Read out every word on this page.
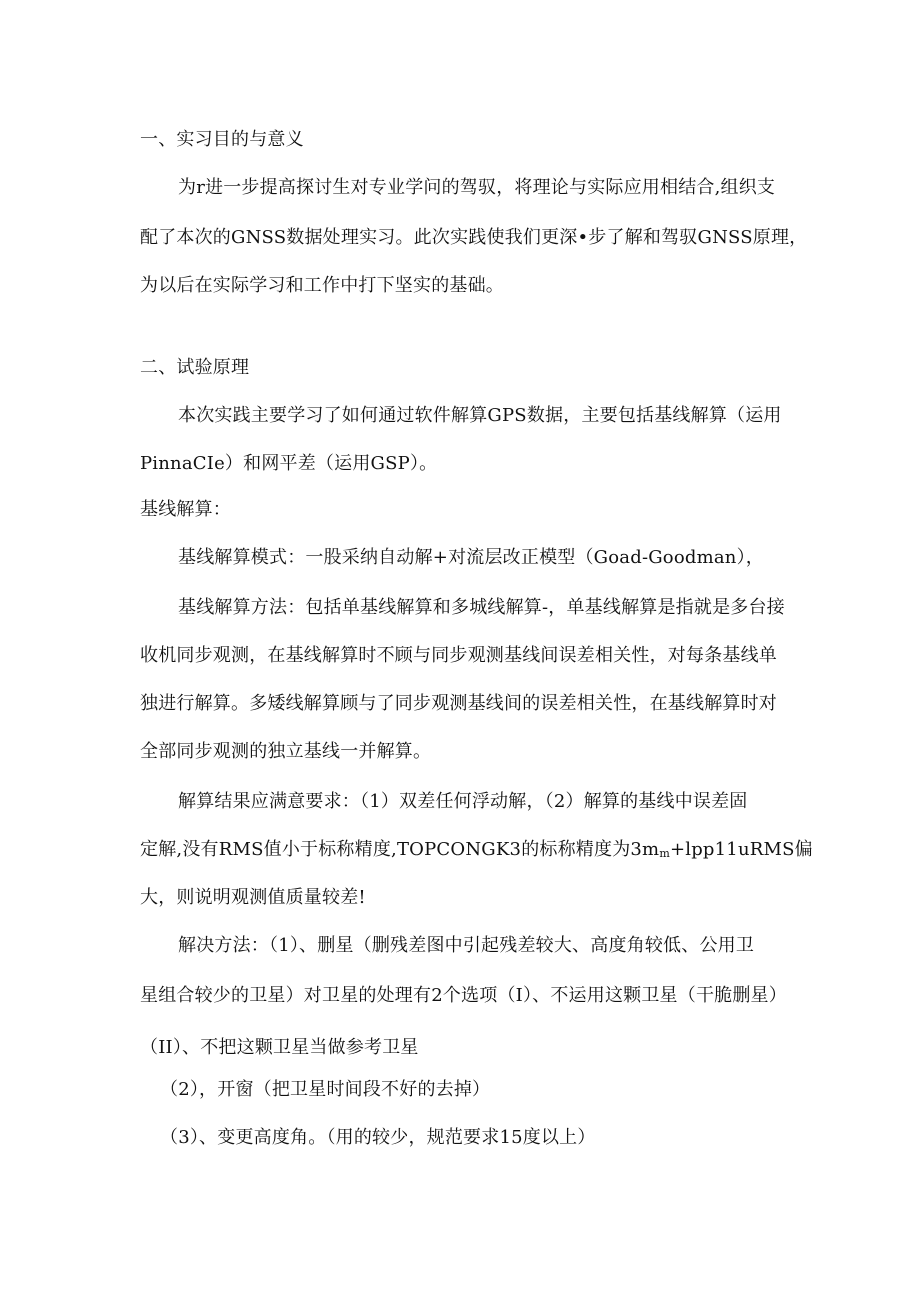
一、实习目的与意义
为r进一步提高探讨生对专业学问的驾驭，将理论与实际应用相结合,组织支
配了本次的GNSS数据处理实习。此次实践使我们更深•步了解和驾驭GNSS原理，
为以后在实际学习和工作中打下坚实的基础。
二、试验原理
本次实践主要学习了如何通过软件解算GPS数据，主要包括基线解算（运用
PinnaCIe）和网平差（运用GSP）。
基线解算：
基线解算模式：一股采纳自动解+对流层改正模型（Goad-Goodman），
基线解算方法：包括单基线解算和多城线解算-，单基线解算是指就是多台接
收机同步观测，在基线解算时不顾与同步观测基线间误差相关性，对每条基线单
独进行解算。多矮线解算顾与了同步观测基线间的误差相关性，在基线解算时对
全部同步观测的独立基线一并解算。
解算结果应满意要求：（1）双差任何浮动解，（2）解算的基线中误差固
定解,没有RMS值小于标称精度,TOPCONGK3的标称精度为$3m_m+lpp11uRMS$偏
大，则说明观测值质量较差!
解决方法：（1）、删星（删残差图中引起残差较大、高度角较低、公用卫
星组合较少的卫星）对卫星的处理有2个选项（I）、不运用这颗卫星（干脆删星）
（II）、不把这颗卫星当做参考卫星
（2），开窗（把卫星时间段不好的去掉）
（3）、变更高度角。（用的较少，规范要求15度以上）
